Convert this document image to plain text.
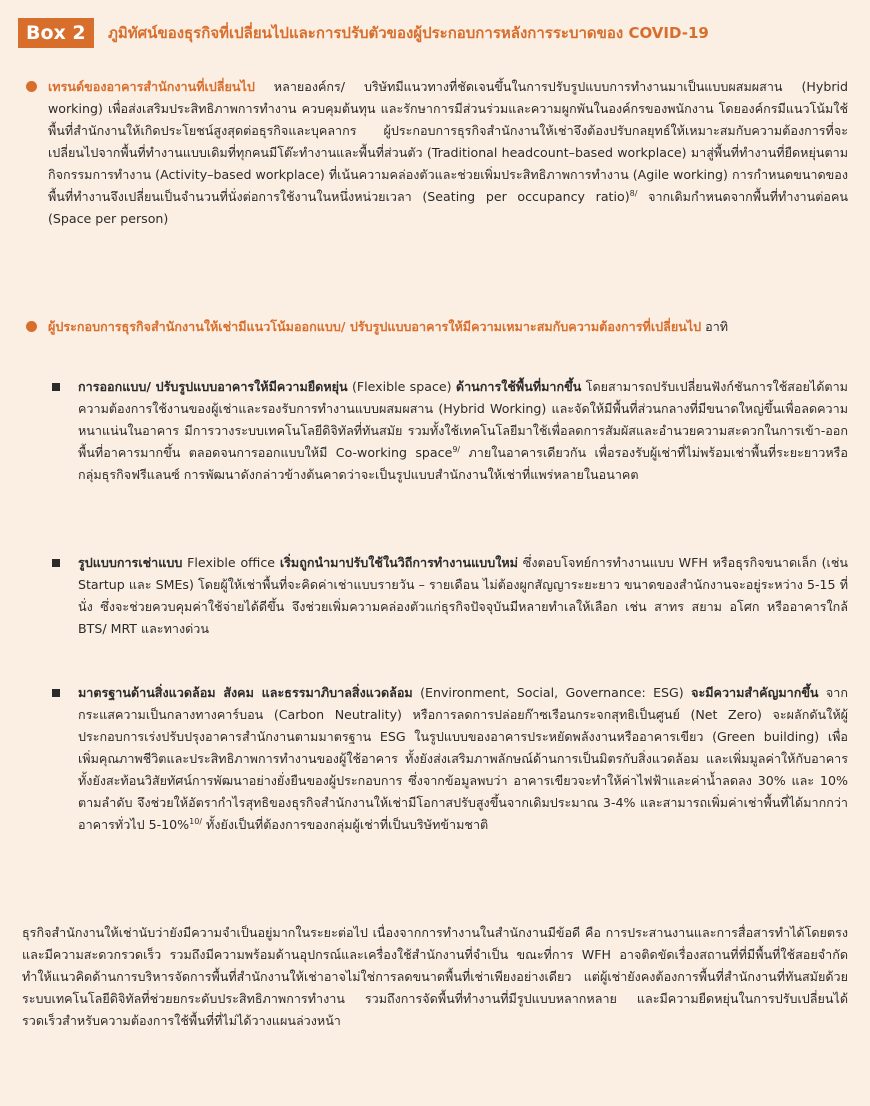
Box 2	ภูมิทัศน์ของธุรกิจที่เปลี่ยนไปและการปรับตัวของผู้ประกอบการหลังการระบาดของ COVID-19
เทรนด์ของอาคารสำนักงานที่เปลี่ยนไป หลายองค์กร/ บริษัทมีแนวทางที่ชัดเจนขึ้นในการปรับรูปแบบการทำงานมาเป็นแบบผสมผสาน (Hybrid working) เพื่อส่งเสริมประสิทธิภาพการทำงาน ควบคุมต้นทุน และรักษาการมีส่วนร่วมและความผูกพันในองค์กรของพนักงาน โดยองค์กรมีแนวโน้มใช้พื้นที่สำนักงานให้เกิดประโยชน์สูงสุดต่อธุรกิจและบุคลากร ผู้ประกอบการธุรกิจสำนักงานให้เช่าจึงต้องปรับกลยุทธ์ให้เหมาะสมกับความต้องการที่จะเปลี่ยนไปจากพื้นที่ทำงานแบบเดิมที่ทุกคนมีโต๊ะทำงานและพื้นที่ส่วนตัว (Traditional headcount–based workplace) มาสู่พื้นที่ทำงานที่ยืดหยุ่นตามกิจกรรมการทำงาน (Activity–based workplace) ที่เน้นความคล่องตัวและช่วยเพิ่มประสิทธิภาพการทำงาน (Agile working) การกำหนดขนาดของพื้นที่ทำงานจึงเปลี่ยนเป็นจำนวนที่นั่งต่อการใช้งานในหนึ่งหน่วยเวลา (Seating per occupancy ratio)$^{8/}$ จากเดิมกำหนดจากพื้นที่ทำงานต่อคน (Space per person)
ผู้ประกอบการธุรกิจสำนักงานให้เช่ามีแนวโน้มออกแบบ/ ปรับรูปแบบอาคารให้มีความเหมาะสมกับความต้องการที่เปลี่ยนไป อาทิ
การออกแบบ/ ปรับรูปแบบอาคารให้มีความยืดหยุ่น (Flexible space) ด้านการใช้พื้นที่มากขึ้น โดยสามารถปรับเปลี่ยนฟังก์ชันการใช้สอยได้ตามความต้องการใช้งานของผู้เช่าและรองรับการทำงานแบบผสมผสาน (Hybrid Working) และจัดให้มีพื้นที่ส่วนกลางที่มีขนาดใหญ่ขึ้นเพื่อลดความหนาแน่นในอาคาร มีการวางระบบเทคโนโลยีดิจิทัลที่ทันสมัย รวมทั้งใช้เทคโนโลยีมาใช้เพื่อลดการสัมผัสและอำนวยความสะดวกในการเข้า-ออกพื้นที่อาคารมากขึ้น ตลอดจนการออกแบบให้มี Co-working space$^{9/}$ ภายในอาคารเดียวกัน เพื่อรองรับผู้เช่าที่ไม่พร้อมเช่าพื้นที่ระยะยาวหรือกลุ่มธุรกิจฟรีแลนซ์ การพัฒนาดังกล่าวข้างต้นคาดว่าจะเป็นรูปแบบสำนักงานให้เช่าที่แพร่หลายในอนาคต
รูปแบบการเช่าแบบ Flexible office เริ่มถูกนำมาปรับใช้ในวิถีการทำงานแบบใหม่ ซึ่งตอบโจทย์การทำงานแบบ WFH หรือธุรกิจขนาดเล็ก (เช่น Startup และ SMEs) โดยผู้ให้เช่าพื้นที่จะคิดค่าเช่าแบบรายวัน – รายเดือน ไม่ต้องผูกสัญญาระยะยาว ขนาดของสำนักงานจะอยู่ระหว่าง 5-15 ที่นั่ง ซึ่งจะช่วยควบคุมค่าใช้จ่ายได้ดีขึ้น จึงช่วยเพิ่มความคล่องตัวแก่ธุรกิจปัจจุบันมีหลายทำเลให้เลือก เช่น สาทร สยาม อโศก หรืออาคารใกล้ BTS/ MRT และทางด่วน
มาตรฐานด้านสิ่งแวดล้อม สังคม และธรรมาภิบาลสิ่งแวดล้อม (Environment, Social, Governance: ESG) จะมีความสำคัญมากขึ้น จากกระแสความเป็นกลางทางคาร์บอน (Carbon Neutrality) หรือการลดการปล่อยก๊าซเรือนกระจกสุทธิเป็นศูนย์ (Net Zero) จะผลักดันให้ผู้ประกอบการเร่งปรับปรุงอาคารสำนักงานตามมาตรฐาน ESG ในรูปแบบของอาคารประหยัดพลังงานหรืออาคารเขียว (Green building) เพื่อ เพิ่มคุณภาพชีวิตและประสิทธิภาพการทำงานของผู้ใช้อาคาร ทั้งยังส่งเสริมภาพลักษณ์ด้านการเป็นมิตรกับสิ่งแวดล้อม และเพิ่มมูลค่าให้กับอาคาร ทั้งยังสะท้อนวิสัยทัศน์การพัฒนาอย่างยั่งยืนของผู้ประกอบการ ซึ่งจากข้อมูลพบว่า อาคารเขียวจะทำให้ค่าไฟฟ้าและค่าน้ำลดลง 30% และ 10% ตามลำดับ จึงช่วยให้อัตรากำไรสุทธิของธุรกิจสำนักงานให้เช่ามีโอกาสปรับสูงขึ้นจากเดิมประมาณ 3-4% และสามารถเพิ่มค่าเช่าพื้นที่ได้มากกว่าอาคารทั่วไป 5-10%$^{10/}$ ทั้งยังเป็นที่ต้องการของกลุ่มผู้เช่าที่เป็นบริษัทข้ามชาติ
ธุรกิจสำนักงานให้เช่านับว่ายังมีความจำเป็นอยู่มากในระยะต่อไป เนื่องจากการทำงานในสำนักงานมีข้อดี คือ การประสานงานและการสื่อสารทำได้โดยตรงและมีความสะดวกรวดเร็ว รวมถึงมีความพร้อมด้านอุปกรณ์และเครื่องใช้สำนักงานที่จำเป็น ขณะที่การ WFH อาจติดขัดเรื่องสถานที่ที่มีพื้นที่ใช้สอยจำกัด ทำให้แนวคิดด้านการบริหารจัดการพื้นที่สำนักงานให้เช่าอาจไม่ใช่การลดขนาดพื้นที่เช่าเพียงอย่างเดียว แต่ผู้เช่ายังคงต้องการพื้นที่สำนักงานที่ทันสมัยด้วยระบบเทคโนโลยีดิจิทัลที่ช่วยยกระดับประสิทธิภาพการทำงาน รวมถึงการจัดพื้นที่ทำงานที่มีรูปแบบหลากหลาย และมีความยืดหยุ่นในการปรับเปลี่ยนได้รวดเร็วสำหรับความต้องการใช้พื้นที่ที่ไม่ได้วางแผนล่วงหน้า
